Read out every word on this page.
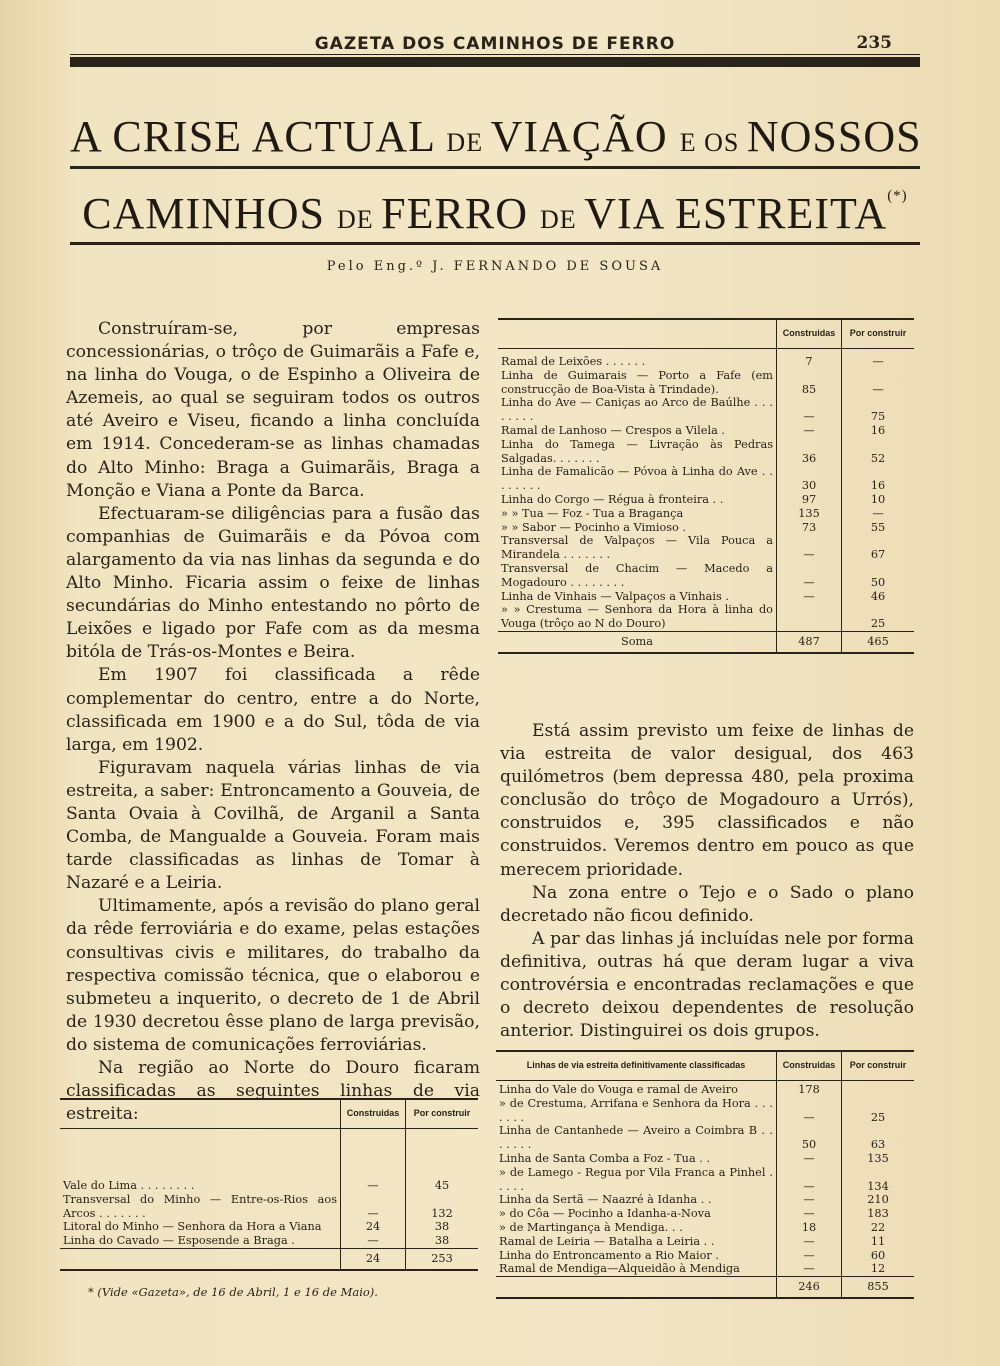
GAZETA DOS CAMINHOS DE FERRO	235
A CRISE ACTUAL DE VIAÇÃO E OS NOSSOS
CAMINHOS DE FERRO DE VIA ESTREITA(*)
Pelo Eng.º J. FERNANDO DE SOUSA

Construíram-se, por empresas concessionárias, o trôço de Guimarãis a Fafe e, na linha do Vouga, o de Espinho a Oliveira de Azemeis, ao qual se seguiram todos os outros até Aveiro e Viseu, ficando a linha concluída em 1914. Concederam-se as linhas chamadas do Alto Minho: Braga a Guimarãis, Braga a Monção e Viana a Ponte da Barca.

Efectuaram-se diligências para a fusão das companhias de Guimarãis e da Póvoa com alargamento da via nas linhas da segunda e do Alto Minho. Ficaria assim o feixe de linhas secundárias do Minho entestando no pôrto de Leixões e ligado por Fafe com as da mesma bitóla de Trás-os-Montes e Beira.

Em 1907 foi classificada a rêde complementar do centro, entre a do Norte, classificada em 1900 e a do Sul, tôda de via larga, em 1902.

Figuravam naquela várias linhas de via estreita, a saber: Entroncamento a Gouveia, de Santa Ovaia à Covilhã, de Arganil a Santa Comba, de Mangualde a Gouveia. Foram mais tarde classificadas as linhas de Tomar à Nazaré e a Leiria.

Ultimamente, após a revisão do plano geral da rêde ferroviária e do exame, pelas estações consultivas civis e militares, do trabalho da respectiva comissão técnica, que o elaborou e submeteu a inquerito, o decreto de 1 de Abril de 1930 decretou êsse plano de larga previsão, do sistema de comunicações ferroviárias.

Na região ao Norte do Douro ficaram classificadas as seguintes linhas de via estreita:

		Construidas	Por construir
Vale do Lima . . . . . . . .	—	45
Transversal do Minho — Entre-os-Rios aos Arcos . . . . . . .	—	132
Litoral do Minho — Senhora da Hora a Viana	24	38
Linha do Cavado — Esposende a Braga .	—	38
	24	253

	Construidas	Por construir
Ramal de Leixões . . . . . .	7	—
Linha de Guimarais — Porto a Fafe (em construcção de Boa-Vista à Trindade).	85	—
Linha do Ave — Caniças ao Arco de Baúlhe . . . . . . . .	—	75
Ramal de Lanhoso — Crespos a Vilela .	—	16
Linha do Tamega — Livração às Pedras Salgadas. . . . . . .	36	52
Linha de Famalicão — Póvoa à Linha do Ave . . . . . . . .	30	16
Linha do Corgo — Régua à fronteira . .	97	10
» » Tua — Foz - Tua a Bragança	135	—
» » Sabor — Pocinho a Vimioso .	73	55
Transversal de Valpaços — Vila Pouca a Mirandela . . . . . . .	—	67
Transversal de Chacim — Macedo a Mogadouro . . . . . . . .	—	50
Linha de Vinhais — Valpaços a Vinhais .	—	46
» » Crestuma — Senhora da Hora à linha do Vouga (trôço ao N do Douro)		25
Soma	487	465

Está assim previsto um feixe de linhas de via estreita de valor desigual, dos 463 quilómetros (bem depressa 480, pela proxima conclusão do trôço de Mogadouro a Urrós), construidos e, 395 classificados e não construidos. Veremos dentro em pouco as que merecem prioridade.

Na zona entre o Tejo e o Sado o plano decretado não ficou definido.

A par das linhas já incluídas nele por forma definitiva, outras há que deram lugar a viva controvérsia e encontradas reclamações e que o decreto deixou dependentes de resolução anterior. Distinguirei os dois grupos.

Linhas de via estreita definitivamente classificadas	Construidas	Por construir
Linha do Vale do Vouga e ramal de Aveiro	178	
» de Crestuma, Arrifana e Senhora da Hora . . . . . . .	—	25
Linha de Cantanhede — Aveiro a Coimbra B . . . . . . .	50	63
Linha de Santa Comba a Foz - Tua . .	—	135
» de Lamego - Regua por Vila Franca a Pinhel . . . . .	—	134
Linha da Sertã — Naazré à Idanha . .	—	210
» do Côa — Pocinho a Idanha-a-Nova	—	183
» de Martingança à Mendiga. . .	18	22
Ramal de Leiria — Batalha a Leiria . .	—	11
Linha do Entroncamento a Rio Maior .	—	60
Ramal de Mendiga—Alqueidão à Mendiga	—	12
	246	855
* (Vide «Gazeta», de 16 de Abril, 1 e 16 de Maio).
